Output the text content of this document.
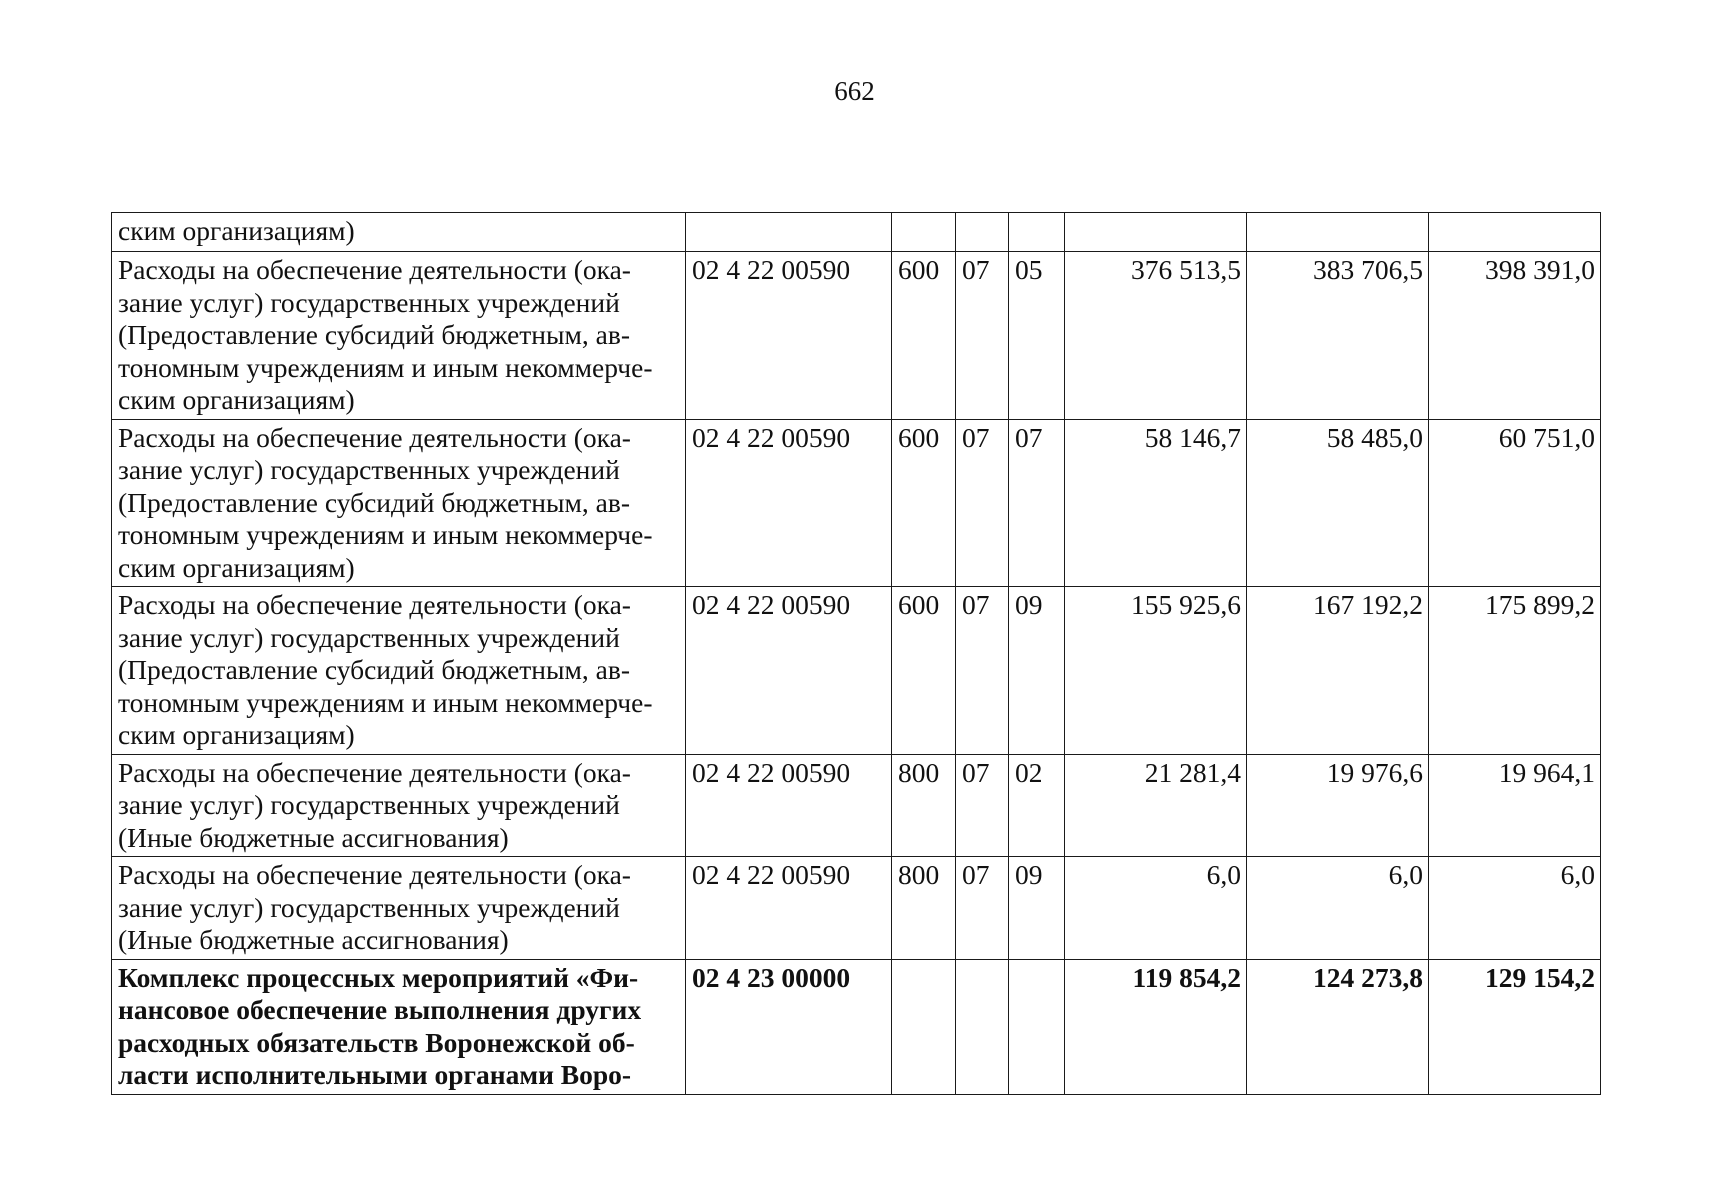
662
ским организациям)							
Расходы на обеспечение деятельности (ока-зание услуг) государственных учреждений (Предоставление субсидий бюджетным, ав-тономным учреждениям и иным некоммерче-ским организациям)	02 4 22 00590	600	07	05	376 513,5	383 706,5	398 391,0
Расходы на обеспечение деятельности (ока-зание услуг) государственных учреждений (Предоставление субсидий бюджетным, ав-тономным учреждениям и иным некоммерче-ским организациям)	02 4 22 00590	600	07	07	58 146,7	58 485,0	60 751,0
Расходы на обеспечение деятельности (ока-зание услуг) государственных учреждений (Предоставление субсидий бюджетным, ав-тономным учреждениям и иным некоммерче-ским организациям)	02 4 22 00590	600	07	09	155 925,6	167 192,2	175 899,2
Расходы на обеспечение деятельности (ока-зание услуг) государственных учреждений (Иные бюджетные ассигнования)	02 4 22 00590	800	07	02	21 281,4	19 976,6	19 964,1
Расходы на обеспечение деятельности (ока-зание услуг) государственных учреждений (Иные бюджетные ассигнования)	02 4 22 00590	800	07	09	6,0	6,0	6,0
Комплекс процессных мероприятий «Фи-нансовое обеспечение выполнения других расходных обязательств Воронежской об-ласти исполнительными органами Воро-	02 4 23 00000				119 854,2	124 273,8	129 154,2
